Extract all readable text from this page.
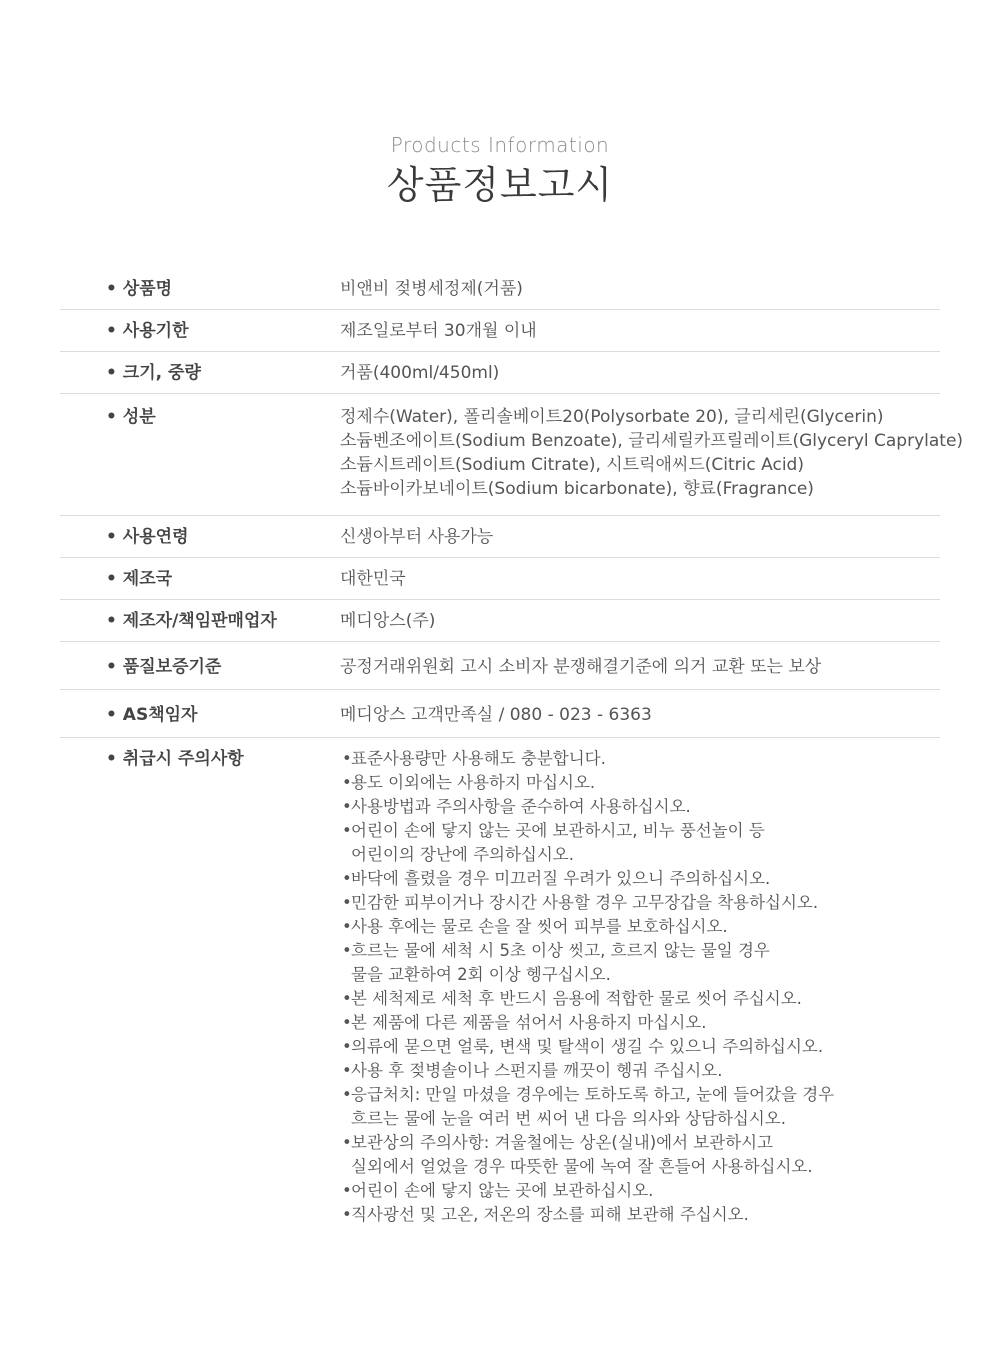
Products Information
상품정보고시
• 상품명	비앤비 젖병세정제(거품)
• 사용기한	제조일로부터 30개월 이내
• 크기, 중량	거품(400ml/450ml)
• 성분	정제수(Water), 폴리솔베이트20(Polysorbate 20), 글리세린(Glycerin)
소듐벤조에이트(Sodium Benzoate), 글리세릴카프릴레이트(Glyceryl Caprylate)
소듐시트레이트(Sodium Citrate), 시트릭애씨드(Citric Acid)
소듐바이카보네이트(Sodium bicarbonate), 향료(Fragrance)
• 사용연령	신생아부터 사용가능
• 제조국	대한민국
• 제조자/책임판매업자	메디앙스(주)
• 품질보증기준	공정거래위원회 고시 소비자 분쟁해결기준에 의거 교환 또는 보상
• AS책임자	메디앙스 고객만족실 / 080 - 023 - 6363
• 취급시 주의사항	• 표준사용량만 사용해도 충분합니다.
• 용도 이외에는 사용하지 마십시오.
• 사용방법과 주의사항을 준수하여 사용하십시오.
• 어린이 손에 닿지 않는 곳에 보관하시고, 비누 풍선놀이 등
어린이의 장난에 주의하십시오.
• 바닥에 흘렸을 경우 미끄러질 우려가 있으니 주의하십시오.
• 민감한 피부이거나 장시간 사용할 경우 고무장갑을 착용하십시오.
• 사용 후에는 물로 손을 잘 씻어 피부를 보호하십시오.
• 흐르는 물에 세척 시 5초 이상 씻고, 흐르지 않는 물일 경우
물을 교환하여 2회 이상 헹구십시오.
• 본 세척제로 세척 후 반드시 음용에 적합한 물로 씻어 주십시오.
• 본 제품에 다른 제품을 섞어서 사용하지 마십시오.
• 의류에 묻으면 얼룩, 변색 및 탈색이 생길 수 있으니 주의하십시오.
• 사용 후 젖병솔이나 스펀지를 깨끗이 헹궈 주십시오.
• 응급처치: 만일 마셨을 경우에는 토하도록 하고, 눈에 들어갔을 경우
흐르는 물에 눈을 여러 번 씨어 낸 다음 의사와 상담하십시오.
• 보관상의 주의사항: 겨울철에는 상온(실내)에서 보관하시고
실외에서 얼었을 경우 따뜻한 물에 녹여 잘 흔들어 사용하십시오.
• 어린이 손에 닿지 않는 곳에 보관하십시오.
• 직사광선 및 고온, 저온의 장소를 피해 보관해 주십시오.
